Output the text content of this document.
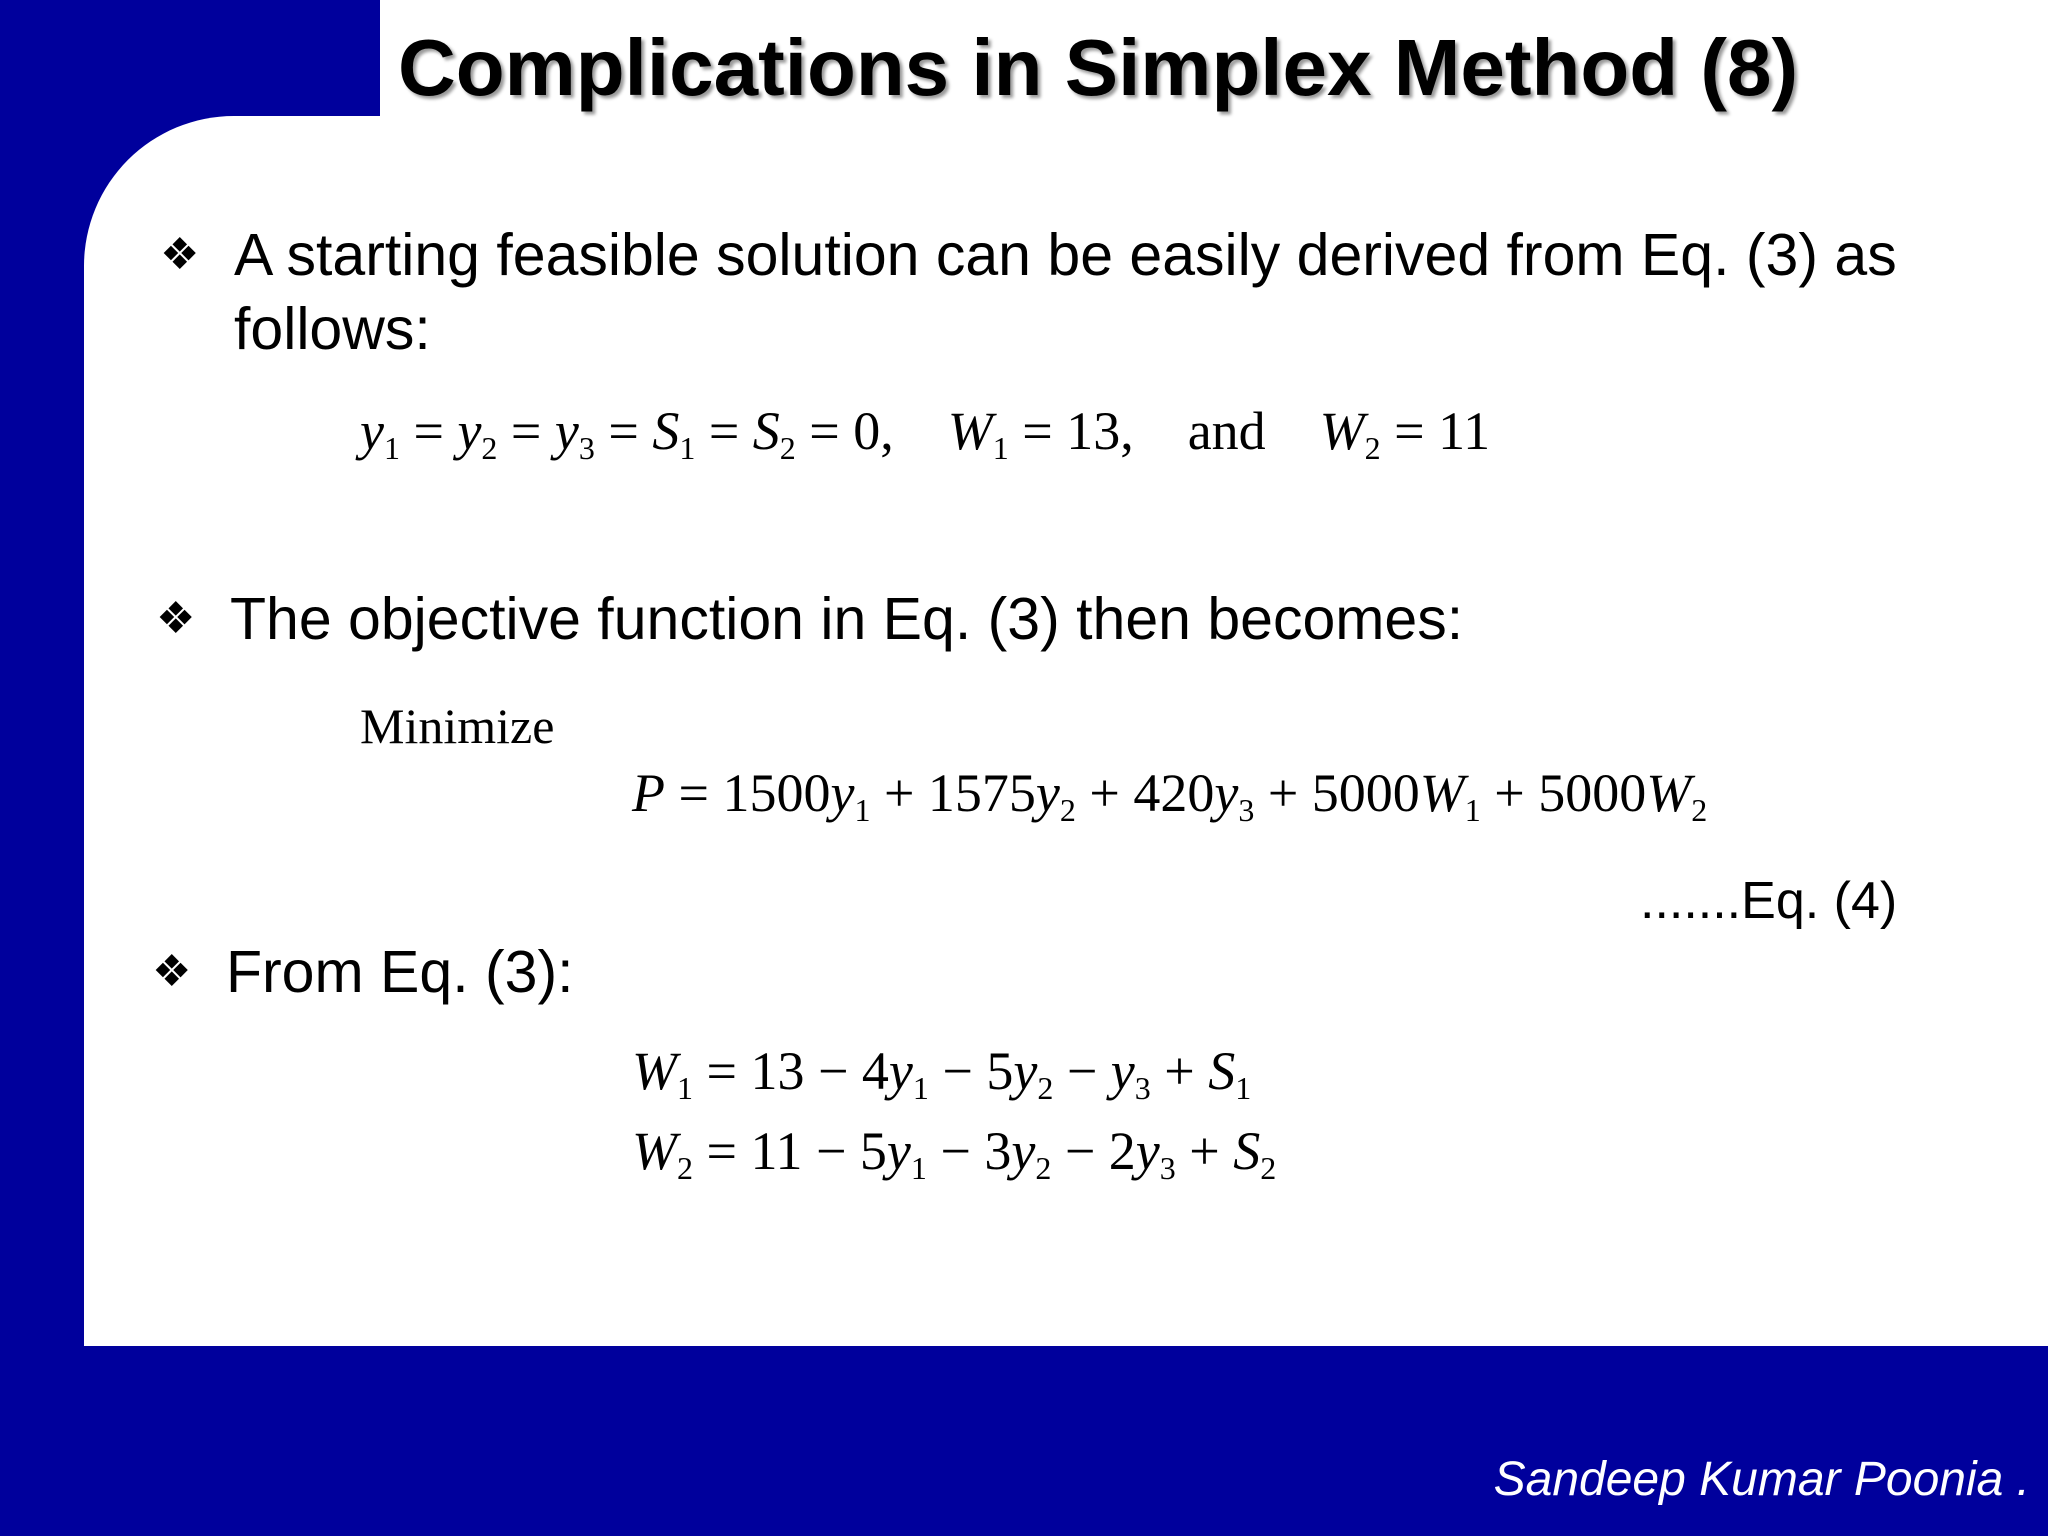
Complications in Simplex Method (8)
❖ A starting feasible solution can be easily derived from Eq. (3) as follows:
$y_1 = y_2 = y_3 = S_1 = S_2 = 0$, $W_1 = 13$, and $W_2 = 11$
❖ The objective function in Eq. (3) then becomes:
Minimize
$P = 1500y_1 + 1575y_2 + 420y_3 + 5000W_1 + 5000W_2$
.......Eq. (4)
❖ From Eq. (3):
$W_1 = 13 - 4y_1 - 5y_2 - y_3 + S_1$
$W_2 = 11 - 5y_1 - 3y_2 - 2y_3 + S_2$
Sandeep Kumar Poonia .
